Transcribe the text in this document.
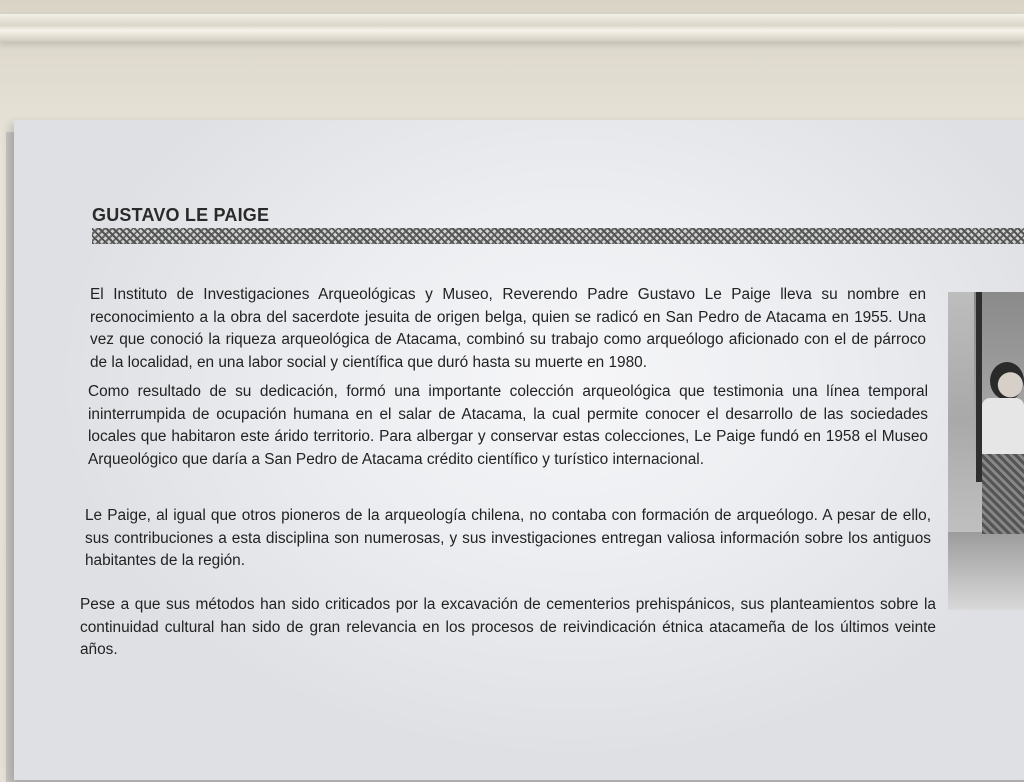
GUSTAVO LE PAIGE

El Instituto de Investigaciones Arqueológicas y Museo, Reverendo Padre Gustavo Le Paige lleva su nombre en reconocimiento a la obra del sacerdote jesuita de origen belga, quien se radicó en San Pedro de Atacama en 1955. Una vez que conoció la riqueza arqueológica de Atacama, combinó su trabajo como arqueólogo aficionado con el de párroco de la localidad, en una labor social y científica que duró hasta su muerte en 1980.

Como resultado de su dedicación, formó una importante colección arqueológica que testimonia una línea temporal ininterrumpida de ocupación humana en el salar de Atacama, la cual permite conocer el desarrollo de las sociedades locales que habitaron este árido territorio. Para albergar y conservar estas colecciones, Le Paige fundó en 1958 el Museo Arqueológico que daría a San Pedro de Atacama crédito científico y turístico internacional.

Le Paige, al igual que otros pioneros de la arqueología chilena, no contaba con formación de arqueólogo. A pesar de ello, sus contribuciones a esta disciplina son numerosas, y sus investigaciones entregan valiosa información sobre los antiguos habitantes de la región.

Pese a que sus métodos han sido criticados por la excavación de cementerios prehispánicos, sus planteamientos sobre la continuidad cultural han sido de gran relevancia en los procesos de reivindicación étnica atacameña de los últimos veinte años.
